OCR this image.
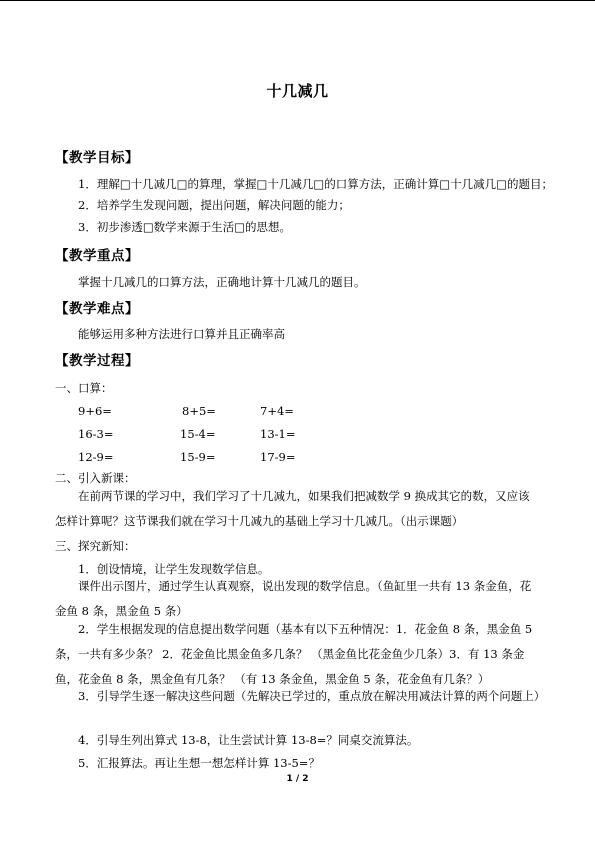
十几减几
【教学目标】
1．理解□十几减几□的算理，掌握□十几减几□的口算方法，正确计算□十几减几□的题目；
2．培养学生发现问题，提出问题，解决问题的能力；
3．初步渗透□数学来源于生活□的思想。
【教学重点】
掌握十几减几的口算方法，正确地计算十几减几的题目。
【教学难点】
能够运用多种方法进行口算并且正确率高
【教学过程】
一、口算：
9+6=	8+5=	7+4=
16-3=	15-4=	13-1=
12-9=	15-9=	17-9=
二、引入新课：
在前两节课的学习中，我们学习了十几减九，如果我们把减数学 9 换成其它的数，又应该怎样计算呢？这节课我们就在学习十几减九的基础上学习十几减几。（出示课题）
三、探究新知：
1．创设情境，让学生发现数学信息。
课件出示图片，通过学生认真观察，说出发现的数学信息。（鱼缸里一共有 13 条金鱼，花金鱼 8 条，黑金鱼 5 条）
2．学生根据发现的信息提出数学问题（基本有以下五种情况：1．花金鱼 8 条，黑金鱼 5 条，一共有多少条？ 2．花金鱼比黑金鱼多几条？ （黑金鱼比花金鱼少几条）3．有 13 条金鱼，花金鱼 8 条，黑金鱼有几条？ （有 13 条金鱼，黑金鱼 5 条，花金鱼有几条？）
3．引导学生逐一解决这些问题（先解决已学过的，重点放在解决用减法计算的两个问题上）
4．引导生列出算式 13-8，让生尝试计算 13-8=？同桌交流算法。
5．汇报算法。再让生想一想怎样计算 13-5=？
1 / 2
